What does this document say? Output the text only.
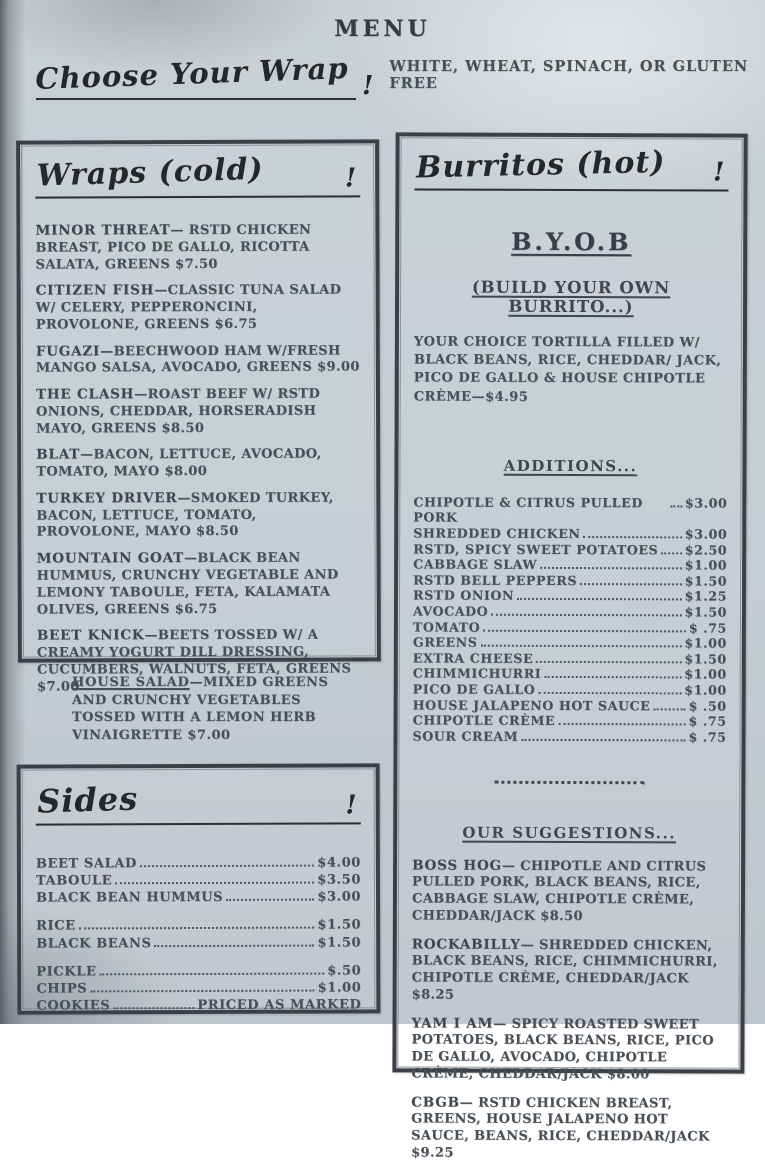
MENU
Choose Your Wrap !
WHITE, WHEAT, SPINACH, OR GLUTEN FREE
Wraps (cold)	!

MINOR THREAT— RSTD CHICKEN BREAST, PICO DE GALLO, RICOTTA SALATA, GREENS $7.50

CITIZEN FISH—CLASSIC TUNA SALAD W/ CELERY, PEPPERONCINI, PROVOLONE, GREENS $6.75

FUGAZI—BEECHWOOD HAM W/FRESH MANGO SALSA, AVOCADO, GREENS $9.00

THE CLASH—ROAST BEEF W/ RSTD ONIONS, CHEDDAR, HORSERADISH MAYO, GREENS $8.50

BLAT—BACON, LETTUCE, AVOCADO, TOMATO, MAYO $8.00

TURKEY DRIVER—SMOKED TURKEY, BACON, LETTUCE, TOMATO, PROVOLONE, MAYO $8.50

MOUNTAIN GOAT—BLACK BEAN HUMMUS, CRUNCHY VEGETABLE AND LEMONY TABOULE, FETA, KALAMATA OLIVES, GREENS $6.75

BEET KNICK—BEETS TOSSED W/ A CREAMY YOGURT DILL DRESSING, CUCUMBERS, WALNUTS, FETA, GREENS $7.00

HOUSE SALAD—MIXED GREENS AND CRUNCHY VEGETABLES TOSSED WITH A LEMON HERB VINAIGRETTE $7.00
Sides	!
BEET SALAD	$4.00
TABOULE	$3.50
BLACK BEAN HUMMUS	$3.00
RICE	$1.50
BLACK BEANS	$1.50
PICKLE	$.50
CHIPS	$1.00
COOKIES	PRICED AS MARKED
Burritos (hot) !
B.Y.O.B
(BUILD YOUR OWN BURRITO...)

YOUR CHOICE TORTILLA FILLED W/ BLACK BEANS, RICE, CHEDDAR/ JACK, PICO DE GALLO & HOUSE CHIPOTLE CRÈME—$4.95

ADDITIONS...
CHIPOTLE & CITRUS PULLED PORK
$3.00
SHREDDED CHICKEN	$3.00
RSTD, SPICY SWEET POTATOES $2.50
CABBAGE SLAW	$1.00
RSTD BELL PEPPERS	$1.50
RSTD ONION	$1.25
AVOCADO	$1.50
TOMATO	$ .75
GREENS	$1.00
EXTRA CHEESE	$1.50
CHIMMICHURRI	$1.00
PICO DE GALLO	$1.00
HOUSE JALAPENO HOT SAUCE	$ .50
CHIPOTLE CRÈME	$ .75
SOUR CREAM	$ .75
OUR SUGGESTIONS...

BOSS HOG— CHIPOTLE AND CITRUS PULLED PORK, BLACK BEANS, RICE, CABBAGE SLAW, CHIPOTLE CRÈME, CHEDDAR/JACK $8.50

ROCKABILLY— SHREDDED CHICKEN, BLACK BEANS, RICE, CHIMMICHURRI, CHIPOTLE CRÈME, CHEDDAR/JACK $8.25

YAM I AM— SPICY ROASTED SWEET POTATOES, BLACK BEANS, RICE, PICO DE GALLO, AVOCADO, CHIPOTLE CRÈME, CHEDDAR/JACK $8.00

CBGB— RSTD CHICKEN BREAST, GREENS, HOUSE JALAPENO HOT SAUCE, BEANS, RICE, CHEDDAR/JACK $9.25
